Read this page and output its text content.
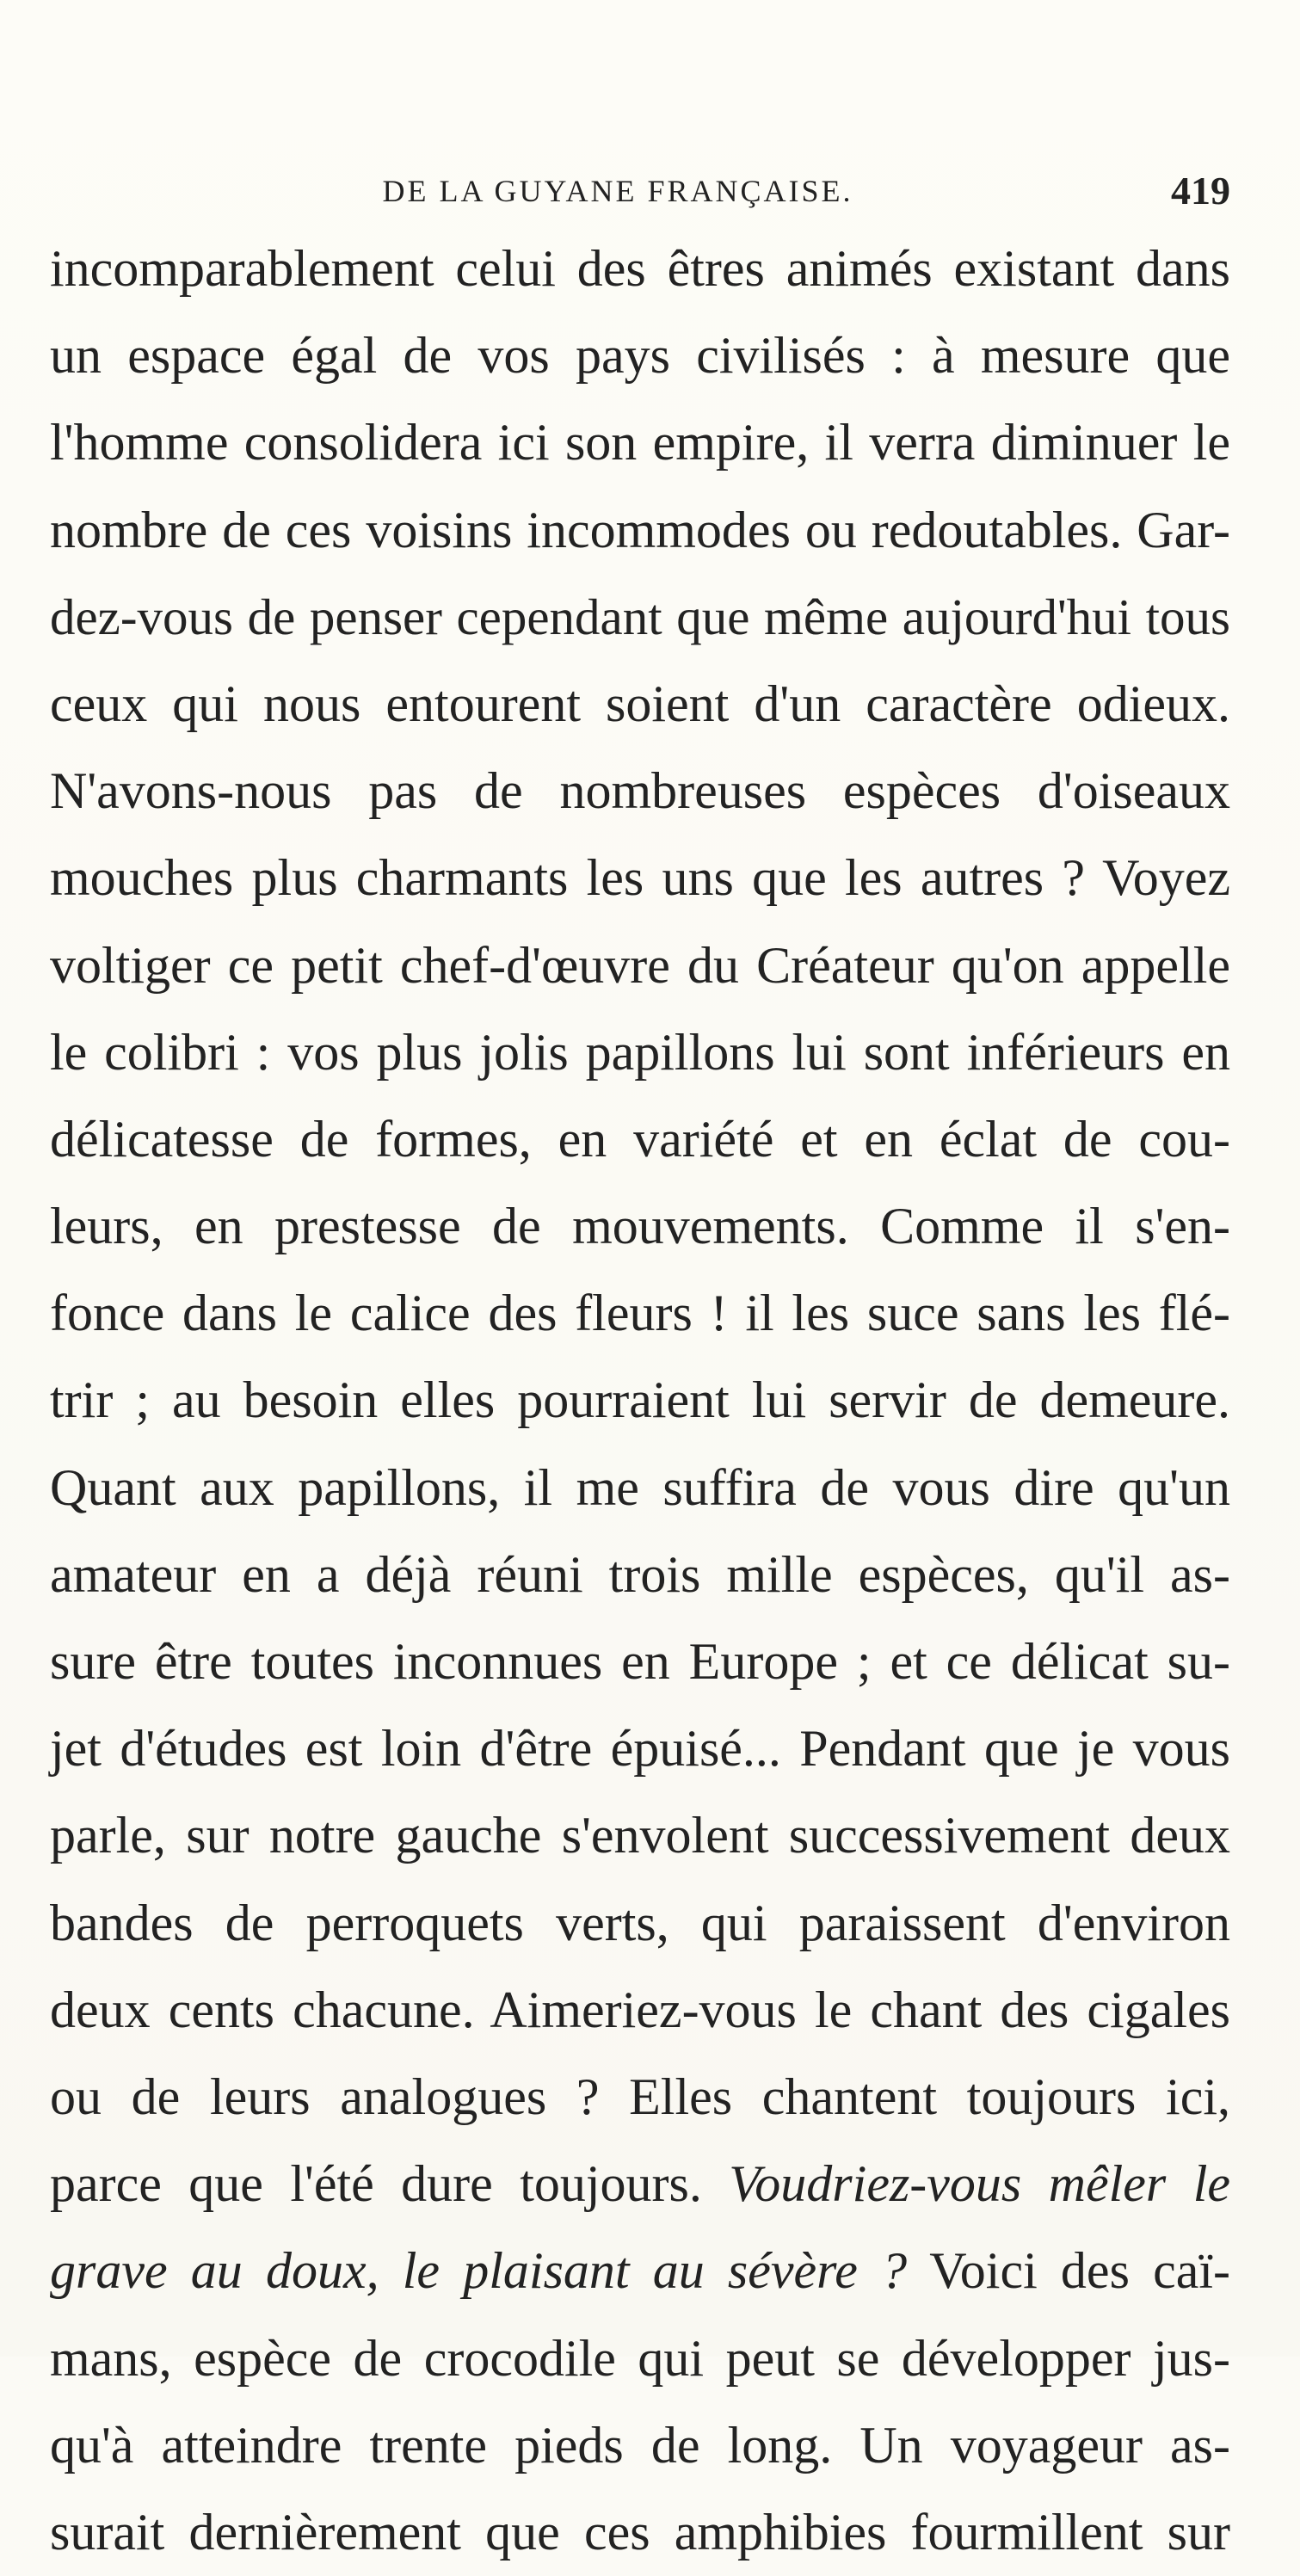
DE LA GUYANE FRANÇAISE.	419
incomparablement celui des êtres animés existant dans
un espace égal de vos pays civilisés : à mesure que
l'homme consolidera ici son empire, il verra diminuer le
nombre de ces voisins incommodes ou redoutables. Gar-
dez-vous de penser cependant que même aujourd'hui tous
ceux qui nous entourent soient d'un caractère odieux.
N'avons-nous pas de nombreuses espèces d'oiseaux
mouches plus charmants les uns que les autres ? Voyez
voltiger ce petit chef-d'œuvre du Créateur qu'on appelle
le colibri : vos plus jolis papillons lui sont inférieurs en
délicatesse de formes, en variété et en éclat de cou-
leurs, en prestesse de mouvements. Comme il s'en-
fonce dans le calice des fleurs ! il les suce sans les flé-
trir ; au besoin elles pourraient lui servir de demeure.
Quant aux papillons, il me suffira de vous dire qu'un
amateur en a déjà réuni trois mille espèces, qu'il as-
sure être toutes inconnues en Europe ; et ce délicat su-
jet d'études est loin d'être épuisé... Pendant que je vous
parle, sur notre gauche s'envolent successivement deux
bandes de perroquets verts, qui paraissent d'environ
deux cents chacune. Aimeriez-vous le chant des cigales
ou de leurs analogues ? Elles chantent toujours ici,
parce que l'été dure toujours. Voudriez-vous mêler le
grave au doux, le plaisant au sévère ? Voici des caï-
mans, espèce de crocodile qui peut se développer jus-
qu'à atteindre trente pieds de long. Un voyageur as-
surait dernièrement que ces amphibies fourmillent sur
